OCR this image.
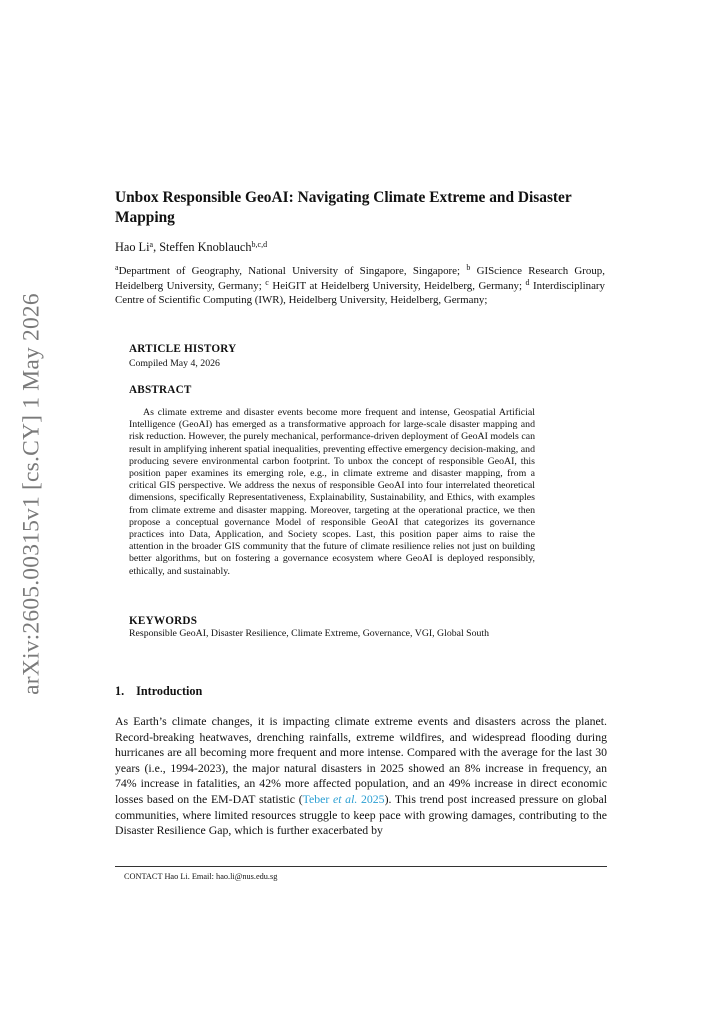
arXiv:2605.00315v1 [cs.CY] 1 May 2026
Unbox Responsible GeoAI: Navigating Climate Extreme and Disaster Mapping

Hao Li$^a$, Steffen Knoblauch$^{b,c,d}$

$^a$Department of Geography, National University of Singapore, Singapore; $^b$ GIScience Research Group, Heidelberg University, Germany; $^c$ HeiGIT at Heidelberg University, Heidelberg, Germany; $^d$ Interdisciplinary Centre of Scientific Computing (IWR), Heidelberg University, Heidelberg, Germany;

ARTICLE HISTORY

Compiled May 4, 2026

ABSTRACT

As climate extreme and disaster events become more frequent and intense, Geospatial Artificial Intelligence (GeoAI) has emerged as a transformative approach for large-scale disaster mapping and risk reduction. However, the purely mechanical, performance-driven deployment of GeoAI models can result in amplifying inherent spatial inequalities, preventing effective emergency decision-making, and producing severe environmental carbon footprint. To unbox the concept of responsible GeoAI, this position paper examines its emerging role, e.g., in climate extreme and disaster mapping, from a critical GIS perspective. We address the nexus of responsible GeoAI into four interrelated theoretical dimensions, specifically Representativeness, Explainability, Sustainability, and Ethics, with examples from climate extreme and disaster mapping. Moreover, targeting at the operational practice, we then propose a conceptual governance Model of responsible GeoAI that categorizes its governance practices into Data, Application, and Society scopes. Last, this position paper aims to raise the attention in the broader GIS community that the future of climate resilience relies not just on building better algorithms, but on fostering a governance ecosystem where GeoAI is deployed responsibly, ethically, and sustainably.

KEYWORDS

Responsible GeoAI, Disaster Resilience, Climate Extreme, Governance, VGI, Global South

1. Introduction

As Earth’s climate changes, it is impacting climate extreme events and disasters across the planet. Record-breaking heatwaves, drenching rainfalls, extreme wildfires, and widespread flooding during hurricanes are all becoming more frequent and more intense. Compared with the average for the last 30 years (i.e., 1994-2023), the major natural disasters in 2025 showed an 8% increase in frequency, an 74% increase in fatalities, an 42% more affected population, and an 49% increase in direct economic losses based on the EM-DAT statistic (Teber et al. 2025). This trend post increased pressure on global communities, where limited resources struggle to keep pace with growing damages, contributing to the Disaster Resilience Gap, which is further exacerbated by

CONTACT Hao Li. Email: hao.li@nus.edu.sg
